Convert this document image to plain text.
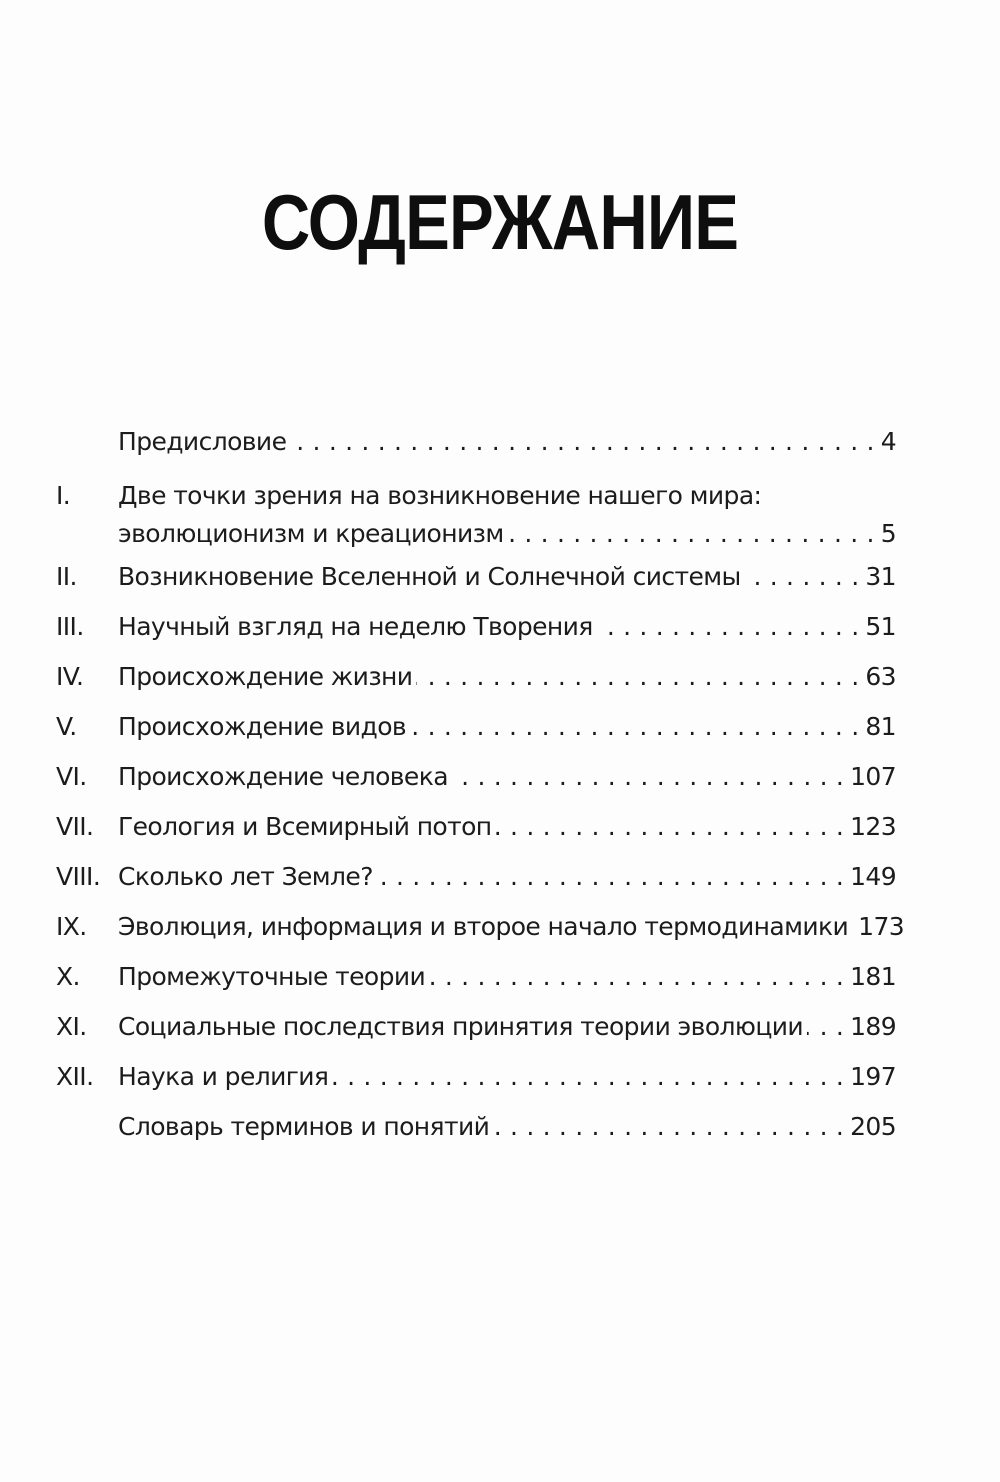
СОДЕРЖАНИЕ
Предисловие . . .	4
I.	Две точки зрения на возникновение нашего мира:
эволюционизм и креационизм . . .	5
II.	Возникновение Вселенной и Солнечной системы . . .	31
III.	Научный взгляд на неделю Творения . . .	51
IV.	Происхождение жизни . . .	63
V.	Происхождение видов . . .	81
VI.	Происхождение человека . . .	107
VII. Геология и Всемирный потоп . . .	123
VIII. Сколько лет Земле? . . .	149
IX.	Эволюция, информация и второе начало термодинамики 173
X.	Промежуточные теории . . .	181
XI.	Социальные последствия принятия теории эволюции . . . 189
XII. Наука и религия . . .	197
Словарь терминов и понятий . . .	205
